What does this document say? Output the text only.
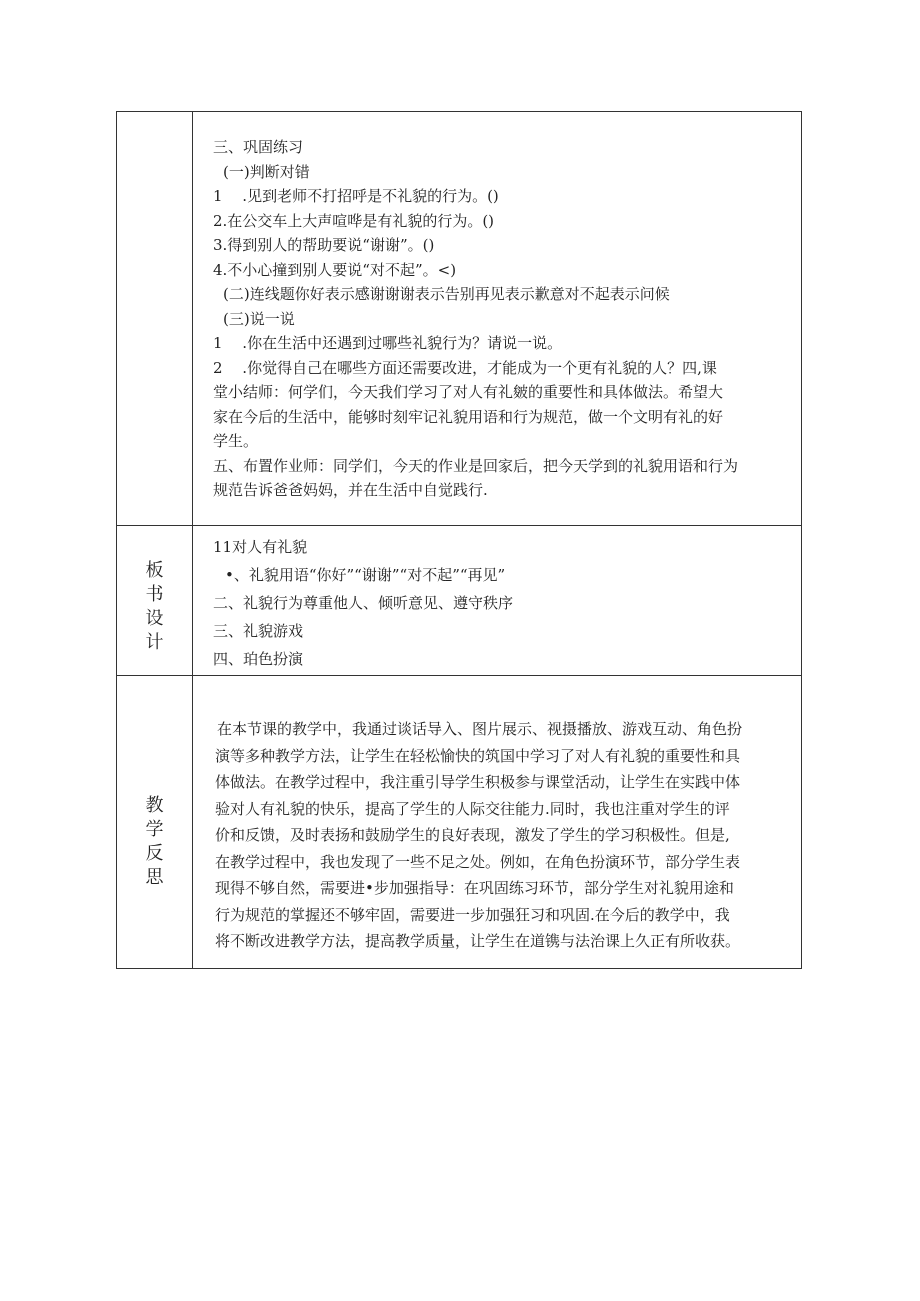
三、巩固练习

(一)判断对错

1　 .见到老师不打招呼是不礼貌的行为。()

2.在公交车上大声喧哗是有礼貌的行为。()

3.得到别人的帮助要说“谢谢”。()

4.不小心撞到别人要说“对不起”。<)

(二)连线题你好表示感谢谢谢表示告别再见表示歉意对不起表示问候

(三)说一说

1　 .你在生活中还遇到过哪些礼貌行为？请说一说。

2　 .你觉得自己在哪些方面还需要改进，才能成为一个更有礼貌的人？四,课

堂小结师：何学们，今天我们学习了对人有礼皴的重要性和具体做法。希望大

家在今后的生活中，能够时刻牢记礼貌用语和行为规范，做一个文明有礼的好

学生。

五、布置作业师：同学们，今天的作业是回家后，把今天学到的礼貌用语和行为

规范告诉爸爸妈妈，并在生活中自觉践行.

板
书
设
计

11对人有礼貌

•、礼貌用语“你好”“谢谢”“对不起”“再见”

二、礼貌行为尊重他人、倾听意见、遵守秩序

三、礼貌游戏

四、珀色扮演

教
学
反
思

在本节课的教学中，我通过谈话导入、图片展示、视摄播放、游戏互动、角色扮

演等多种教学方法，让学生在轻松愉快的筑国中学习了对人有礼貌的重要性和具

体做法。在教学过程中，我注重引导学生积极参与课堂活动，让学生在实践中体

验对人有礼貌的快乐，提高了学生的人际交往能力.同时，我也注重对学生的评

价和反馈，及时表扬和鼓励学生的良好表现，激发了学生的学习积极性。但是,

在教学过程中，我也发现了一些不足之处。例如，在角色扮演环节，部分学生表

现得不够自然，需要进•步加强指导：在巩固练习环节，部分学生对礼貌用途和

行为规范的掌握还不够牢固，需要进一步加强狂习和巩固.在今后的教学中，我

将不断改进教学方法，提高教学质量，让学生在道镌与法治课上久正有所收获。
